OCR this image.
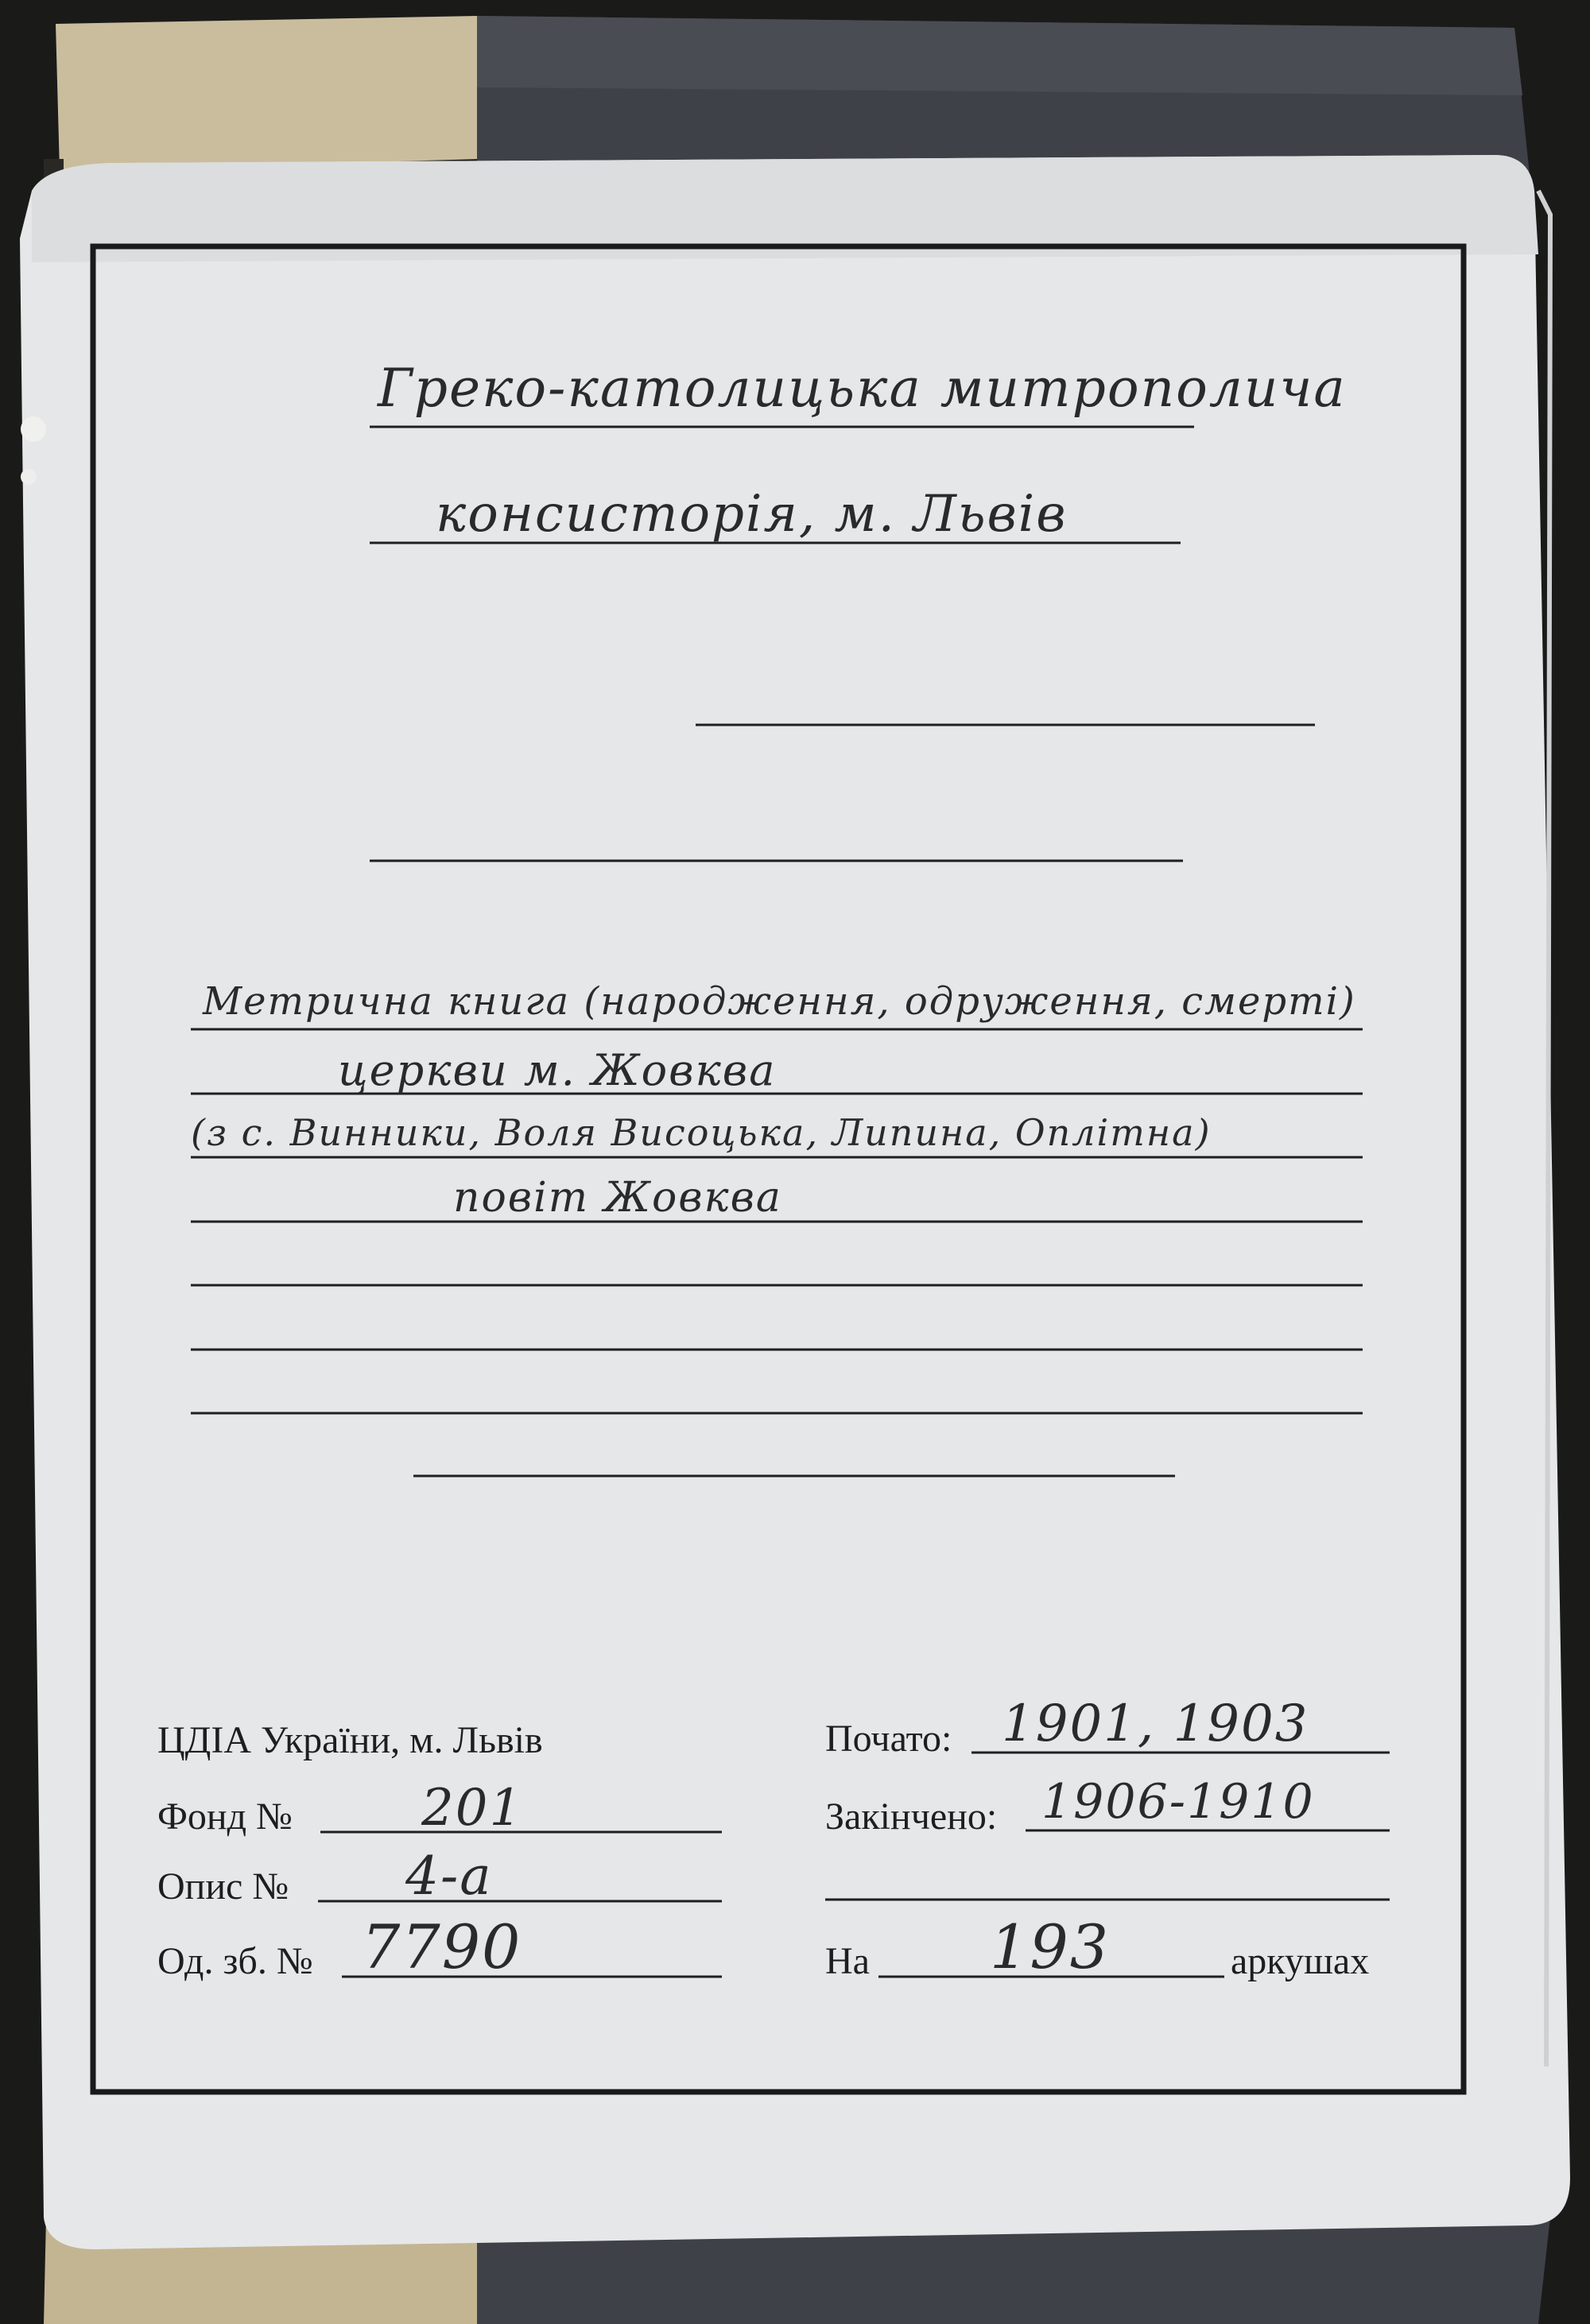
Греко-католицька митрополича
консисторія, м. Львів
Метрична книга (народження, одруження, смерті)
церкви м. Жовква
(з с. Винники, Воля Висоцька, Липина, Оплітна)
повіт Жовква
ЦДІА України, м. Львів
Фонд №	201
Опис № 4-а
Од. зб. № 7790
Почато: 1901, 1903
Закінчено: 1906-1910
На 193	аркушах
